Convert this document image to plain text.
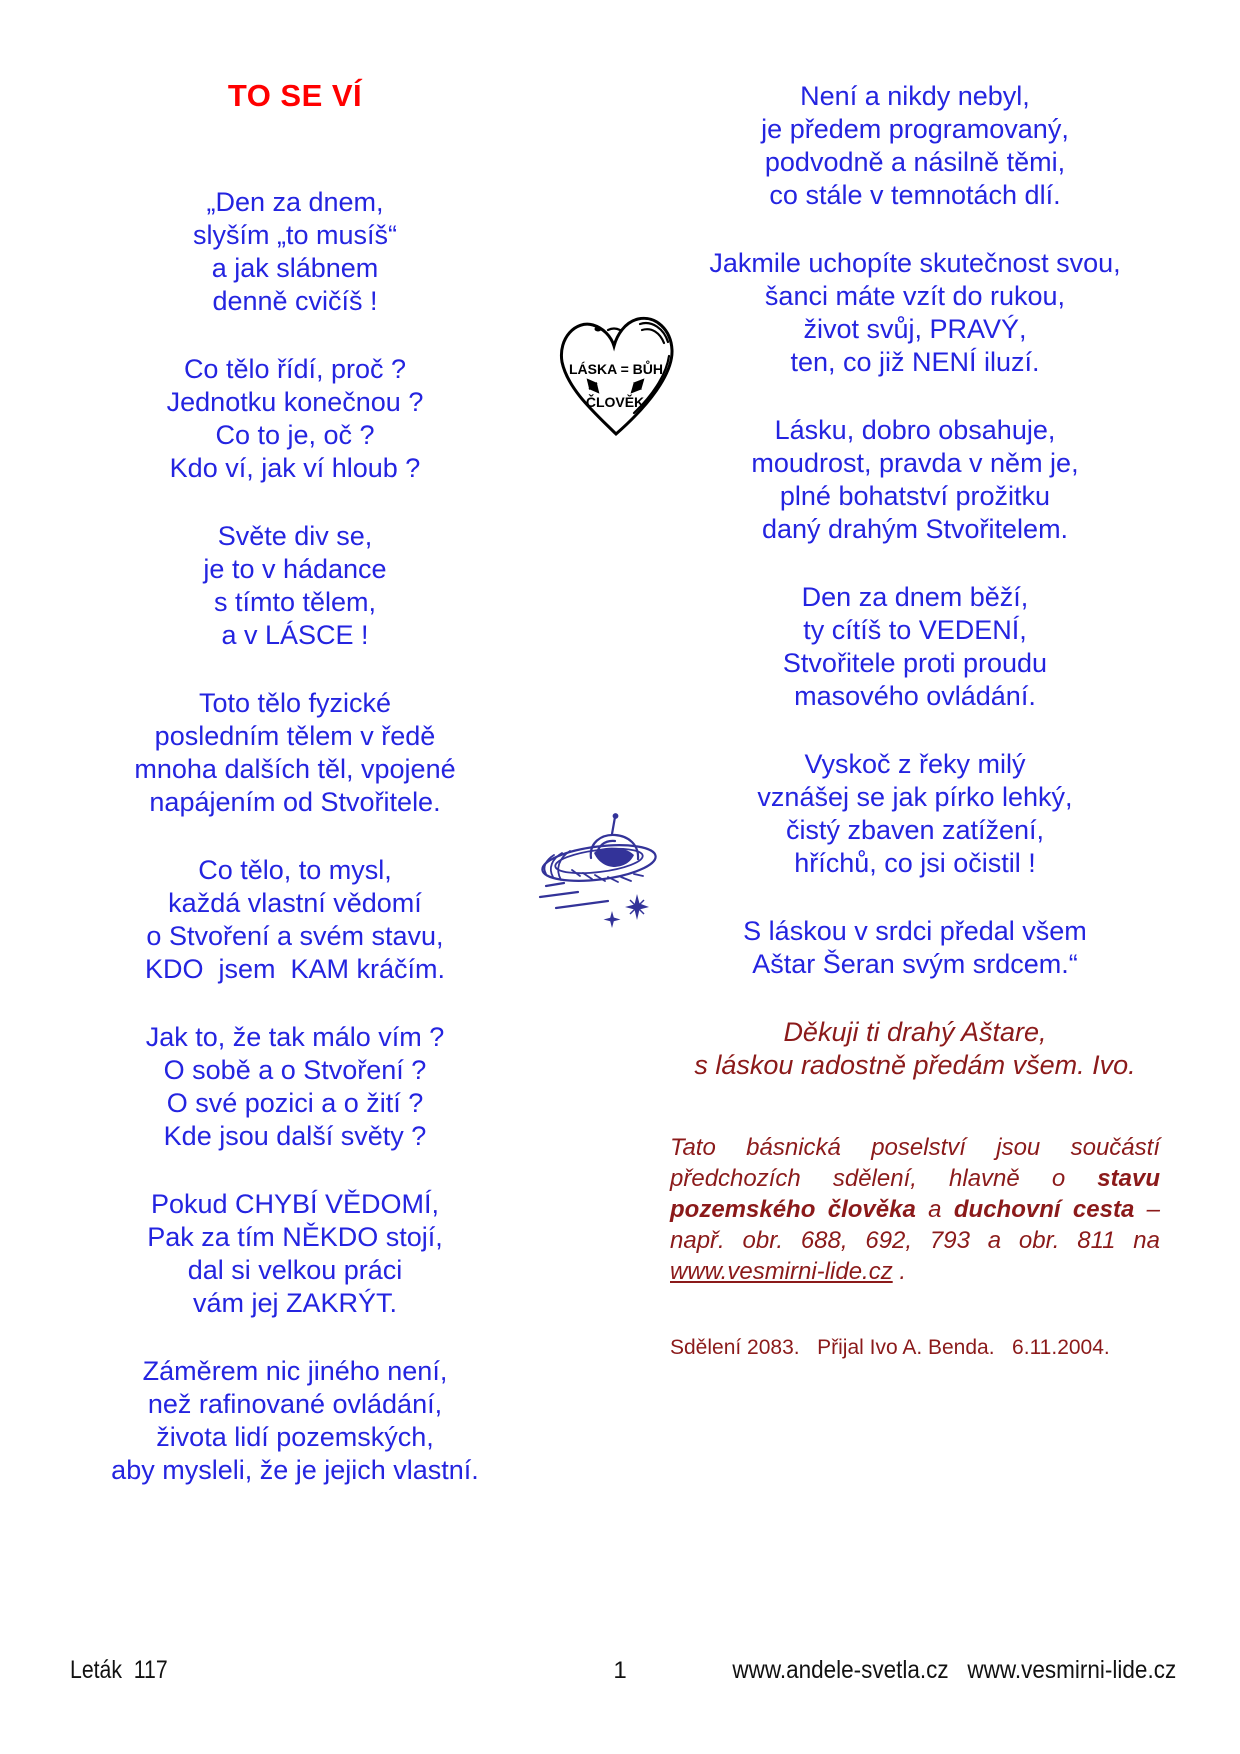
TO SE VÍ
„Den za dnem,
slyším „to musíš“
a jak slábnem
denně cvičíš !
Co tělo řídí, proč ?
Jednotku konečnou ?
Co to je, oč ?
Kdo ví, jak ví hloub ?
Světe div se,
je to v hádance
s tímto tělem,
a v LÁSCE !
Toto tělo fyzické
posledním tělem v ředě
mnoha dalších těl, vpojené
napájením od Stvořitele.
Co tělo, to mysl,
každá vlastní vědomí
o Stvoření a svém stavu,
KDO  jsem  KAM kráčím.
Jak to, že tak málo vím ?
O sobě a o Stvoření ?
O své pozici a o žití ?
Kde jsou další světy ?
Pokud CHYBÍ VĚDOMÍ,
Pak za tím NĚKDO stojí,
dal si velkou práci
vám jej ZAKRÝT.
Záměrem nic jiného není,
než rafinované ovládání,
života lidí pozemských,
aby mysleli, že je jejich vlastní.
Není a nikdy nebyl,
je předem programovaný,
podvodně a násilně těmi,
co stále v temnotách dlí.
Jakmile uchopíte skutečnost svou,
šanci máte vzít do rukou,
život svůj, PRAVÝ,
ten, co již NENÍ iluzí.
Lásku, dobro obsahuje,
moudrost, pravda v něm je,
plné bohatství prožitku
daný drahým Stvořitelem.
Den za dnem běží,
ty cítíš to VEDENÍ,
Stvořitele proti proudu
masového ovládání.
Vyskoč z řeky milý
vznášej se jak pírko lehký,
čistý zbaven zatížení,
hříchů, co jsi očistil !
S láskou v srdci předal všem
Aštar Šeran svým srdcem.“
Děkuji ti drahý Aštare,
s láskou radostně předám všem. Ivo.

Tato básnická poselství jsou součástí předchozích sdělení, hlavně o stavu pozemského člověka a duchovní cesta – např. obr. 688, 692, 793 a obr. 811 na www.vesmirni-lide.cz .

Sdělení 2083.   Přijal Ivo A. Benda.   6.11.2004.
LÁSKA = BŮH
ČLOVĚK
Leták  117	1	www.andele-svetla.cz   www.vesmirni-lide.cz
